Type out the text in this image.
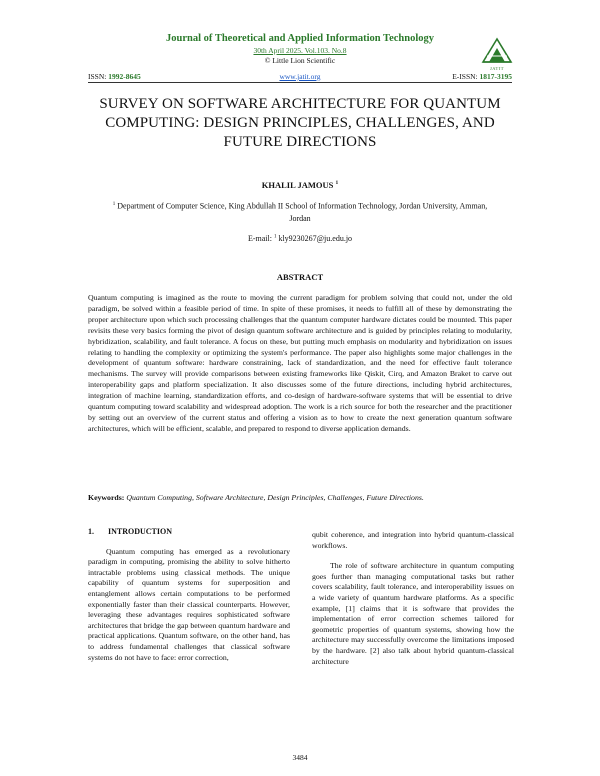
Journal of Theoretical and Applied Information Technology
30th April 2025. Vol.103. No.8
© Little Lion Scientific
JATIT
ISSN: 1992-8645	www.jatit.org	E-ISSN: 1817-3195
SURVEY ON SOFTWARE ARCHITECTURE FOR QUANTUM COMPUTING: DESIGN PRINCIPLES, CHALLENGES, AND FUTURE DIRECTIONS
KHALIL JAMOUS $^1$
$^1$ Department of Computer Science, King Abdullah II School of Information Technology, Jordan University, Amman, Jordan
E-mail: $^1$ kly9230267@ju.edu.jo
ABSTRACT

Quantum computing is imagined as the route to moving the current paradigm for problem solving that could not, under the old paradigm, be solved within a feasible period of time. In spite of these promises, it needs to fulfill all of these by demonstrating the proper architecture upon which such processing challenges that the quantum computer hardware dictates could be mounted. This paper revisits these very basics forming the pivot of design quantum software architecture and is guided by principles relating to modularity, hybridization, scalability, and fault tolerance. A focus on these, but putting much emphasis on modularity and hybridization on issues relating to handling the complexity or optimizing the system's performance. The paper also highlights some major challenges in the development of quantum software: hardware constraining, lack of standardization, and the need for effective fault tolerance mechanisms. The survey will provide comparisons between existing frameworks like Qiskit, Cirq, and Amazon Braket to carve out interoperability gaps and platform specialization. It also discusses some of the future directions, including hybrid architectures, integration of machine learning, standardization efforts, and co-design of hardware-software systems that will be essential to drive quantum computing toward scalability and widespread adoption. The work is a rich source for both the researcher and the practitioner by setting out an overview of the current status and offering a vision as to how to create the next generation quantum software architectures, which will be efficient, scalable, and prepared to respond to diverse application demands.

Keywords: Quantum Computing, Software Architecture, Design Principles, Challenges, Future Directions.

1. INTRODUCTION

Quantum computing has emerged as a revolutionary paradigm in computing, promising the ability to solve hitherto intractable problems using classical methods. The unique capability of quantum systems for superposition and entanglement allows certain computations to be performed exponentially faster than their classical counterparts. However, leveraging these advantages requires sophisticated software architectures that bridge the gap between quantum hardware and practical applications. Quantum software, on the other hand, has to address fundamental challenges that classical software systems do not have to face: error correction,

qubit coherence, and integration into hybrid quantum-classical workflows.

The role of software architecture in quantum computing goes further than managing computational tasks but rather covers scalability, fault tolerance, and interoperability issues on a wide variety of quantum hardware platforms. As a specific example, [1] claims that it is software that provides the implementation of error correction schemes tailored for geometric properties of quantum systems, showing how the architecture may successfully overcome the limitations imposed by the hardware. [2] also talk about hybrid quantum-classical architecture

3484
